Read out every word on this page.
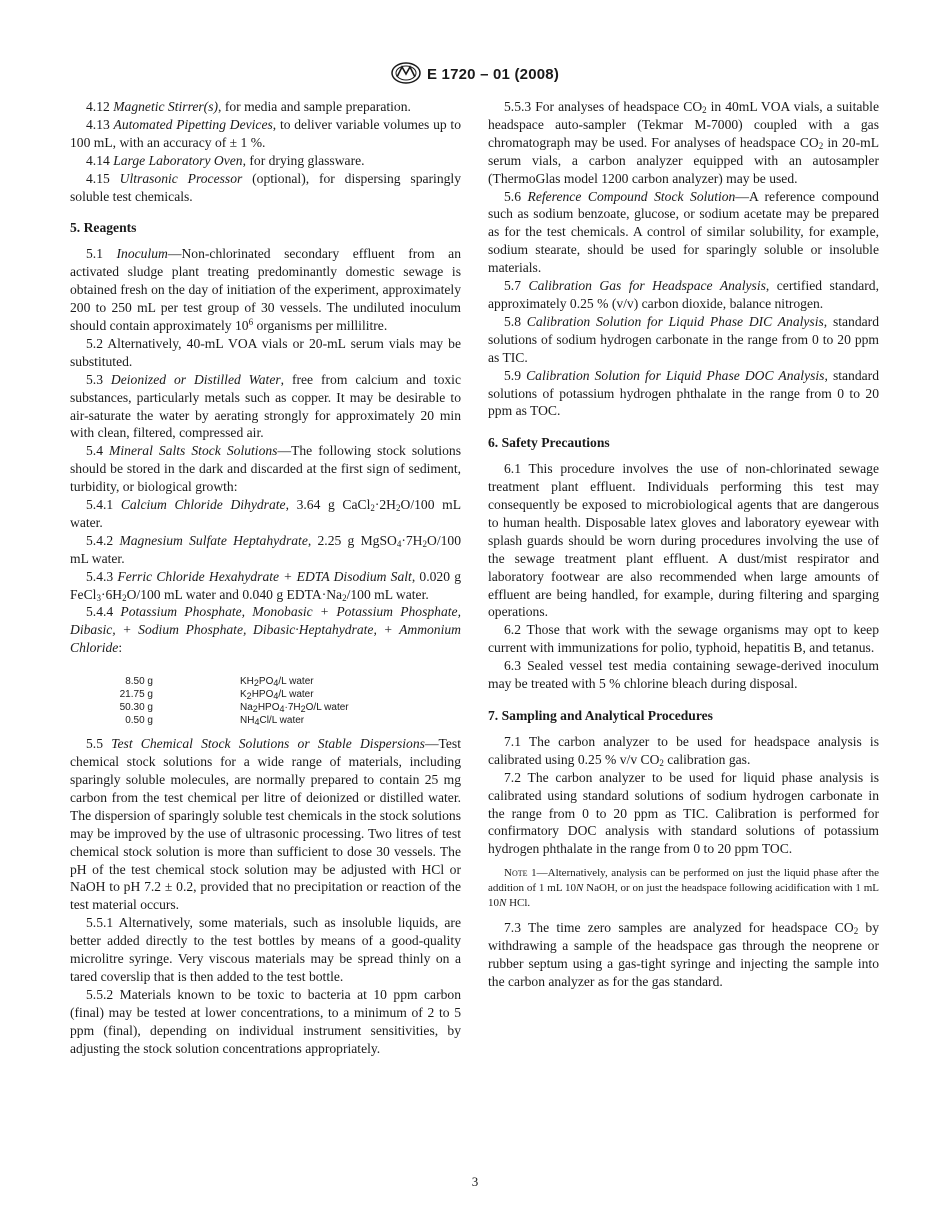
E 1720 – 01 (2008)

4.12 Magnetic Stirrer(s), for media and sample preparation.

4.13 Automated Pipetting Devices, to deliver variable volumes up to 100 mL, with an accuracy of ± 1 %.

4.14 Large Laboratory Oven, for drying glassware.

4.15 Ultrasonic Processor (optional), for dispersing sparingly soluble test chemicals.

5. Reagents

5.1 Inoculum—Non-chlorinated secondary effluent from an activated sludge plant treating predominantly domestic sewage is obtained fresh on the day of initiation of the experiment, approximately 200 to 250 mL per test group of 30 vessels. The undiluted inoculum should contain approximately $10^6$ organisms per millilitre.

5.2 Alternatively, 40-mL VOA vials or 20-mL serum vials may be substituted.

5.3 Deionized or Distilled Water, free from calcium and toxic substances, particularly metals such as copper. It may be desirable to air-saturate the water by aerating strongly for approximately 20 min with clean, filtered, compressed air.

5.4 Mineral Salts Stock Solutions—The following stock solutions should be stored in the dark and discarded at the first sign of sediment, turbidity, or biological growth:

5.4.1 Calcium Chloride Dihydrate, 3.64 g $CaCl_2\cdot 2H_2O/100$ mL water.

5.4.2 Magnesium Sulfate Heptahydrate, 2.25 g $MgSO_4\cdot 7H_2O/100$ mL water.

5.4.3 Ferric Chloride Hexahydrate + EDTA Disodium Salt, 0.020 g $FeCl_3\cdot 6H_2O/100$ mL water and 0.040 g $EDTA\cdot Na_2/100$ mL water.

5.4.4 Potassium Phosphate, Monobasic + Potassium Phosphate, Dibasic, + Sodium Phosphate, Dibasic·Heptahydrate, + Ammonium Chloride:

8.50 g	$KH_2PO_4/L$ water
21.75 g	$K_2HPO_4/L$ water
50.30 g	$Na_2HPO_4\cdot 7H_2O/L$ water
0.50 g	$NH_4Cl/L$ water

5.5 Test Chemical Stock Solutions or Stable Dispersions—Test chemical stock solutions for a wide range of materials, including sparingly soluble molecules, are normally prepared to contain 25 mg carbon from the test chemical per litre of deionized or distilled water. The dispersion of sparingly soluble test chemicals in the stock solutions may be improved by the use of ultrasonic processing. Two litres of test chemical stock solution is more than sufficient to dose 30 vessels. The pH of the test chemical stock solution may be adjusted with HCl or NaOH to pH 7.2 ± 0.2, provided that no precipitation or reaction of the test material occurs.

5.5.1 Alternatively, some materials, such as insoluble liquids, are better added directly to the test bottles by means of a good-quality microlitre syringe. Very viscous materials may be spread thinly on a tared coverslip that is then added to the test bottle.

5.5.2 Materials known to be toxic to bacteria at 10 ppm carbon (final) may be tested at lower concentrations, to a minimum of 2 to 5 ppm (final), depending on individual instrument sensitivities, by adjusting the stock solution concentrations appropriately.

5.5.3 For analyses of headspace $CO_2$ in 40mL VOA vials, a suitable headspace auto-sampler (Tekmar M-7000) coupled with a gas chromatograph may be used. For analyses of headspace $CO_2$ in 20-mL serum vials, a carbon analyzer equipped with an autosampler (ThermoGlas model 1200 carbon analyzer) may be used.

5.6 Reference Compound Stock Solution—A reference compound such as sodium benzoate, glucose, or sodium acetate may be prepared as for the test chemicals. A control of similar solubility, for example, sodium stearate, should be used for sparingly soluble or insoluble materials.

5.7 Calibration Gas for Headspace Analysis, certified standard, approximately 0.25 % (v/v) carbon dioxide, balance nitrogen.

5.8 Calibration Solution for Liquid Phase DIC Analysis, standard solutions of sodium hydrogen carbonate in the range from 0 to 20 ppm as TIC.

5.9 Calibration Solution for Liquid Phase DOC Analysis, standard solutions of potassium hydrogen phthalate in the range from 0 to 20 ppm as TOC.

6. Safety Precautions

6.1 This procedure involves the use of non-chlorinated sewage treatment plant effluent. Individuals performing this test may consequently be exposed to microbiological agents that are dangerous to human health. Disposable latex gloves and laboratory eyewear with splash guards should be worn during procedures involving the use of the sewage treatment plant effluent. A dust/mist respirator and laboratory footwear are also recommended when large amounts of effluent are being handled, for example, during filtering and sparging operations.

6.2 Those that work with the sewage organisms may opt to keep current with immunizations for polio, typhoid, hepatitis B, and tetanus.

6.3 Sealed vessel test media containing sewage-derived inoculum may be treated with 5 % chlorine bleach during disposal.

7. Sampling and Analytical Procedures

7.1 The carbon analyzer to be used for headspace analysis is calibrated using 0.25 % v/v $CO_2$ calibration gas.

7.2 The carbon analyzer to be used for liquid phase analysis is calibrated using standard solutions of sodium hydrogen carbonate in the range from 0 to 20 ppm as TIC. Calibration is performed for confirmatory DOC analysis with standard solutions of potassium hydrogen phthalate in the range from 0 to 20 ppm TOC.

Note 1—Alternatively, analysis can be performed on just the liquid phase after the addition of 1 mL 10N NaOH, or on just the headspace following acidification with 1 mL 10N HCl.

7.3 The time zero samples are analyzed for headspace $CO_2$ by withdrawing a sample of the headspace gas through the neoprene or rubber septum using a gas-tight syringe and injecting the sample into the carbon analyzer as for the gas standard.

3
